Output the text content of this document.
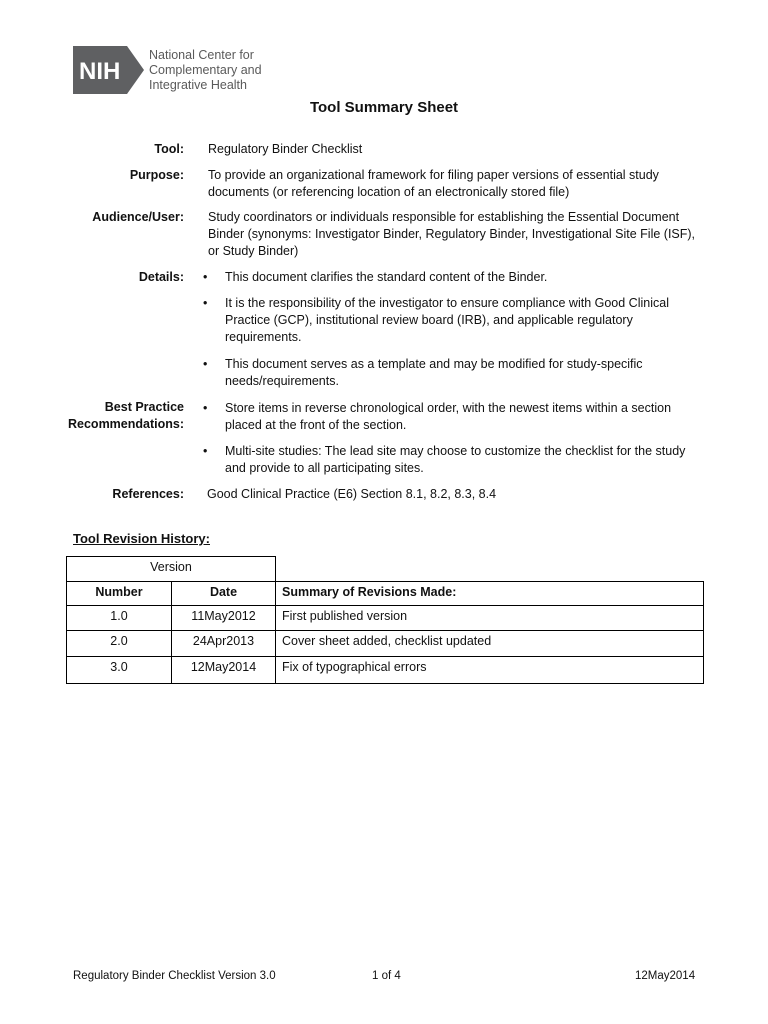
NIH
National Center for
Complementary and
Integrative Health
Tool Summary Sheet
Tool: Regulatory Binder Checklist
Purpose: To provide an organizational framework for filing paper versions of essential study documents (or referencing location of an electronically stored file)
Audience/User: Study coordinators or individuals responsible for establishing the Essential Document Binder (synonyms: Investigator Binder, Regulatory Binder, Investigational Site File (ISF), or Study Binder)
Details: •	This document clarifies the standard content of the Binder.
•	It is the responsibility of the investigator to ensure compliance with Good Clinical Practice (GCP), institutional review board (IRB), and applicable regulatory requirements.
•	This document serves as a template and may be modified for study-specific needs/requirements.
Best Practice
Recommendations:
•	Store items in reverse chronological order, with the newest items within a section placed at the front of the section.
•	Multi-site studies: The lead site may choose to customize the checklist for the study and provide to all participating sites.
References: Good Clinical Practice (E6) Section 8.1, 8.2, 8.3, 8.4
Tool Revision History:
Version
Number	Date	Summary of Revisions Made:
1.0	11May2012	First published version
2.0	24Apr2013	Cover sheet added, checklist updated
3.0	12May2014	Fix of typographical errors
Regulatory Binder Checklist Version 3.0	1 of 4	12May2014
